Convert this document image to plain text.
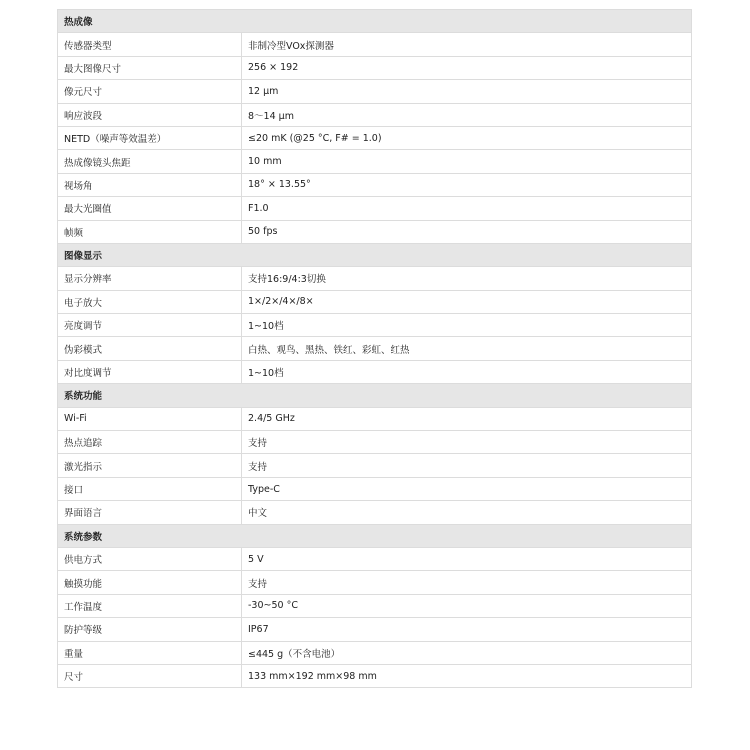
热成像	
传感器类型	非制冷型VOx探测器
最大图像尺寸	256 × 192
像元尺寸	12 μm
响应波段	8～14 μm
NETD（噪声等效温差）	≤20 mK (@25 °C, F# = 1.0)
热成像镜头焦距	10 mm
视场角	18° × 13.55°
最大光圈值	F1.0
帧频	50 fps
图像显示	
显示分辨率	支持16:9/4:3切换
电子放大	1×/2×/4×/8×
亮度调节	1~10档
伪彩模式	白热、观鸟、黑热、铁红、彩虹、红热
对比度调节	1~10档
系统功能	
Wi-Fi	2.4/5 GHz
热点追踪	支持
激光指示	支持
接口	Type-C
界面语言	中文
系统参数	
供电方式	5 V
触摸功能	支持
工作温度	-30~50 °C
防护等级	IP67
重量	≤445 g（不含电池）
尺寸	133 mm×192 mm×98 mm
